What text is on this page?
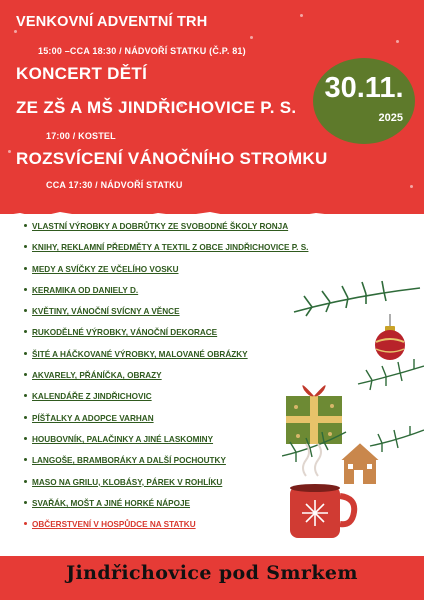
VENKOVNÍ ADVENTNÍ TRH
15:00 –CCA 18:30 / NÁDVOŘÍ STATKU (Č.P. 81)
KONCERT DĚTÍ
ZE ZŠ A MŠ JINDŘICHOVICE P. S.
17:00 / KOSTEL
ROZSVÍCENÍ VÁNOČNÍHO STROMKU
CCA 17:30 / NÁDVOŘÍ STATKU
30.11.
2025
VLASTNÍ VÝROBKY A DOBRŮTKY ZE SVOBODNÉ ŠKOLY RONJA
KNIHY, REKLAMNÍ PŘEDMĚTY A TEXTIL Z OBCE JINDŘICHOVICE P. S.
MEDY A SVÍČKY ZE VČELÍHO VOSKU
KERAMIKA OD DANIELY D.
KVĚTINY, VÁNOČNÍ SVÍCNY A VĚNCE
RUKODĚLNÉ VÝROBKY, VÁNOČNÍ DEKORACE
ŠITÉ A HÁČKOVANÉ VÝROBKY, MALOVANÉ OBRÁZKY
AKVARELY, PŘÁNÍČKA, OBRAZY
KALENDÁŘE Z JINDŘICHOVIC
PÍŠŤALKY A ADOPCE VARHAN
HOUBOVNÍK, PALAČINKY A JINÉ LASKOMINY
LANGOŠE, BRAMBORÁKY A DALŠÍ POCHOUTKY
MASO NA GRILU, KLOBÁSY, PÁREK V ROHLÍKU
SVAŘÁK, MOŠT A JINÉ HORKÉ NÁPOJE
OBČERSTVENÍ V HOSPŮDCE NA STATKU
Jindřichovice pod Smrkem
